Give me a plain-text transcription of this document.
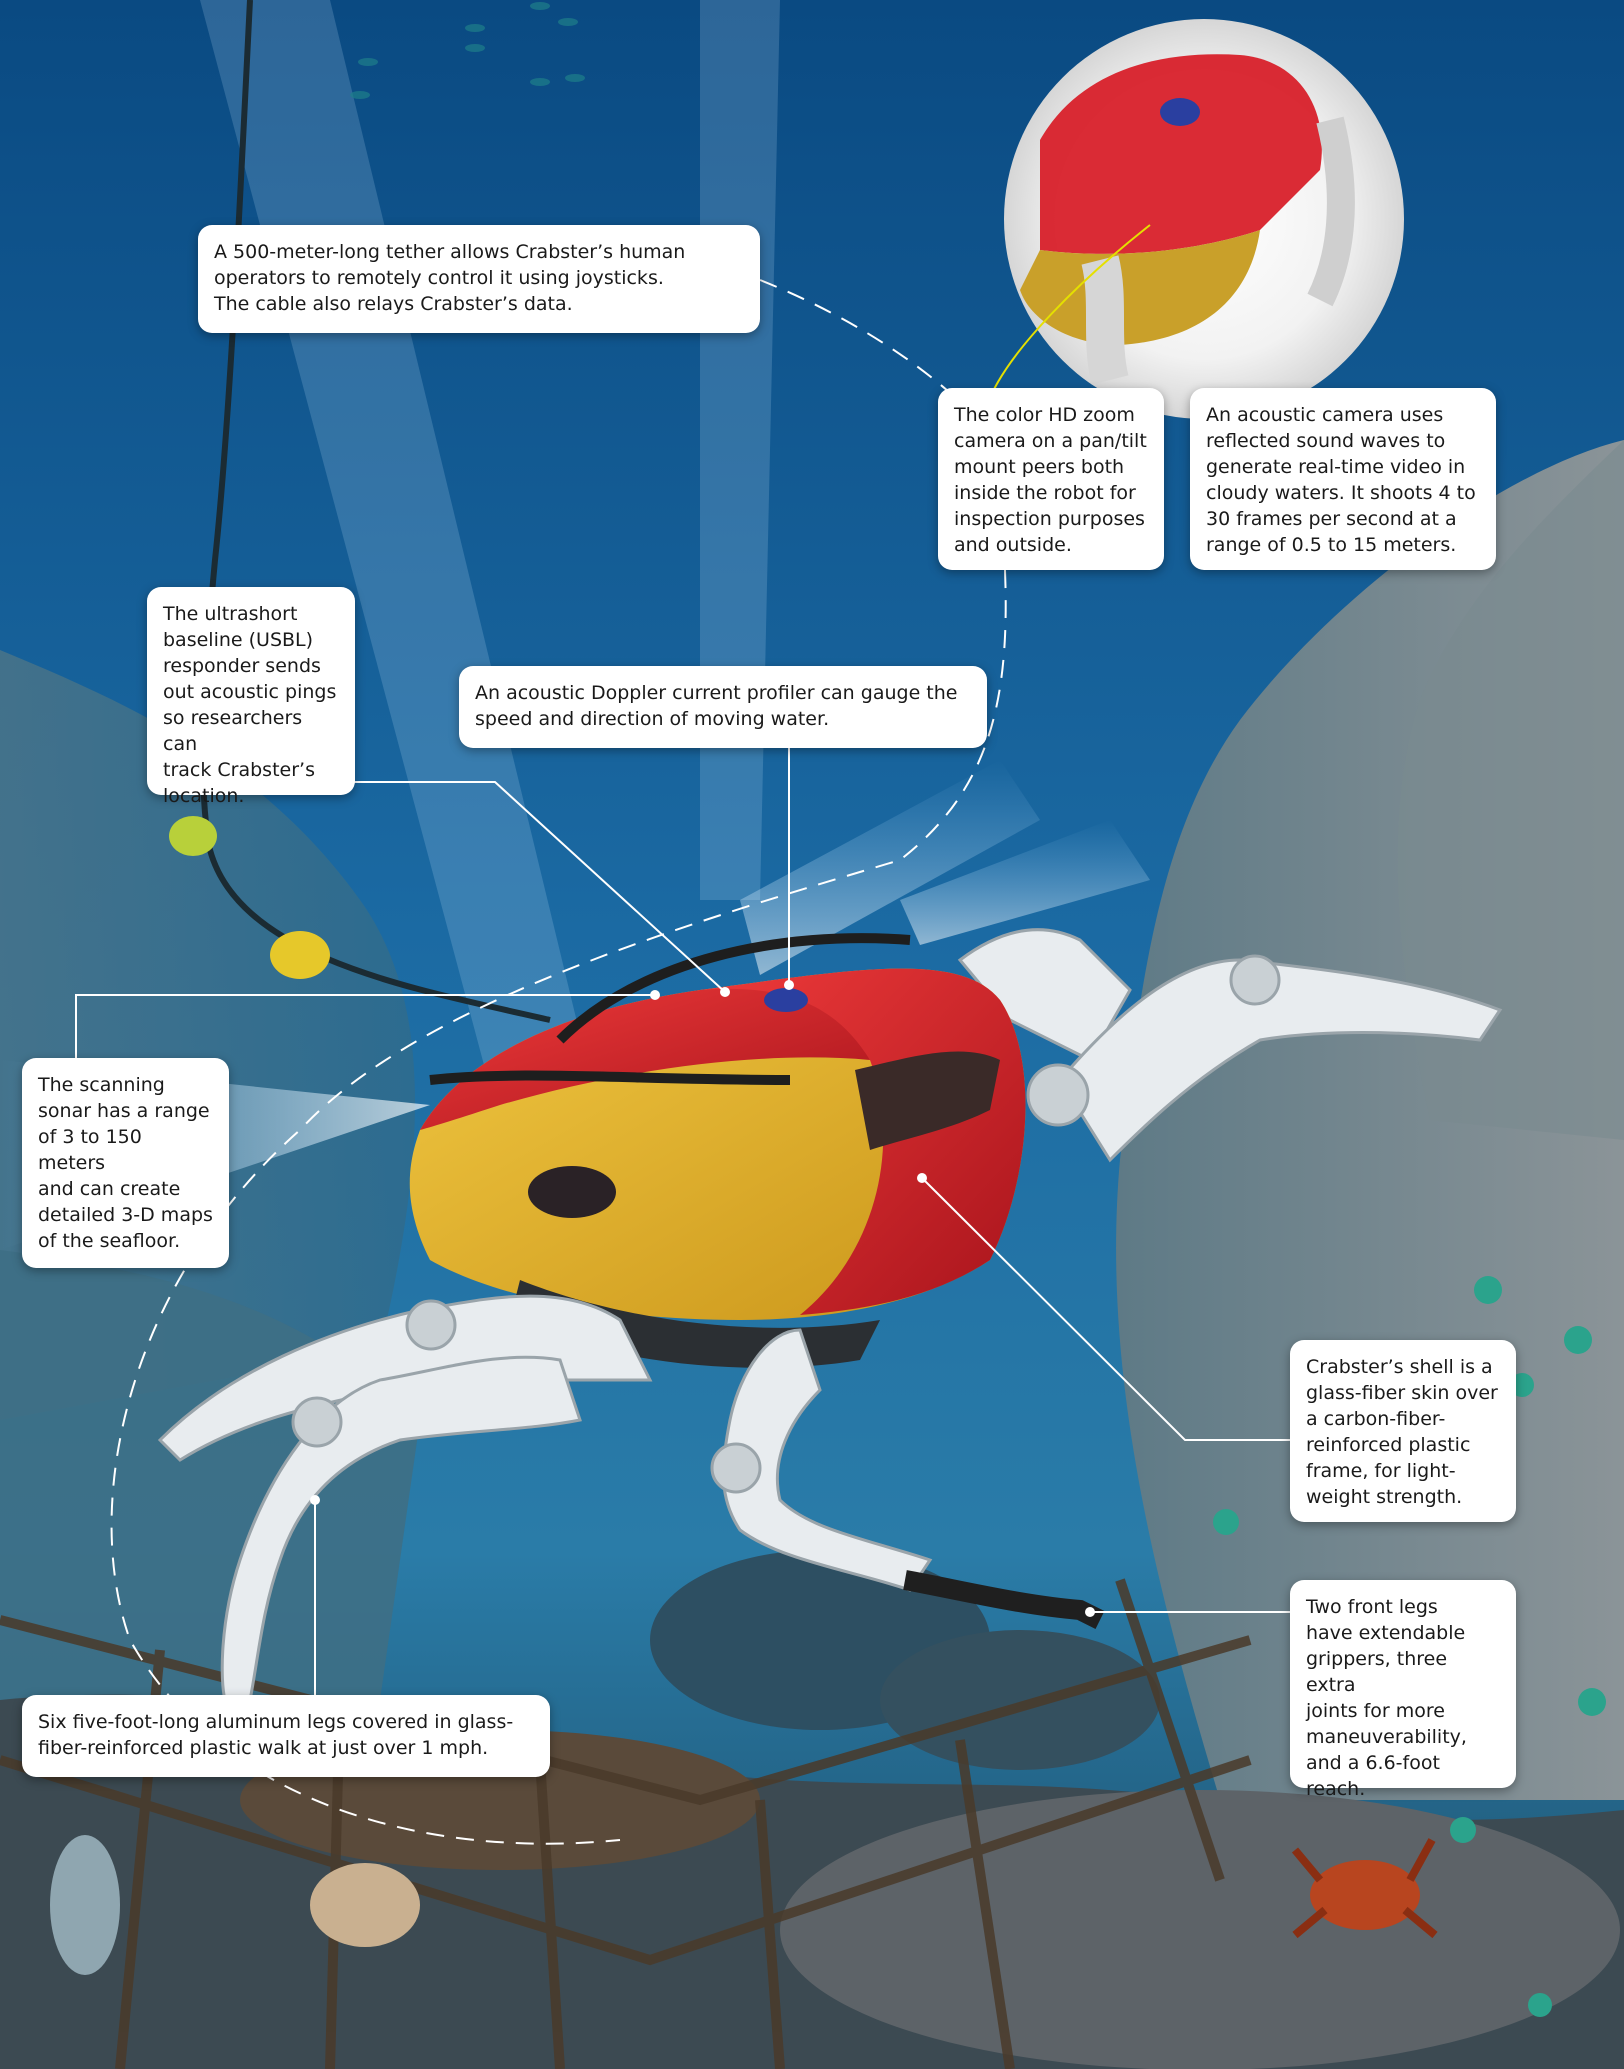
A 500-meter-long tether allows Crabster’s human
operators to remotely control it using joysticks.
The cable also relays Crabster’s data.
The color HD zoom
camera on a pan/tilt
mount peers both
inside the robot for
inspection purposes
and outside.
An acoustic camera uses
reflected sound waves to
generate real-time video in
cloudy waters. It shoots 4 to
30 frames per second at a
range of 0.5 to 15 meters.
The ultrashort
baseline (USBL)
responder sends
out acoustic pings
so researchers can
track Crabster’s
location.
An acoustic Doppler current profiler can gauge the
speed and direction of moving water.
The scanning
sonar has a range
of 3 to 150 meters
and can create
detailed 3-D maps
of the seafloor.
Crabster’s shell is a
glass-fiber skin over
a carbon-fiber-
reinforced plastic
frame, for light-
weight strength.
Two front legs
have extendable
grippers, three extra
joints for more
maneuverability,
and a 6.6-foot
reach.
Six five-foot-long aluminum legs covered in glass-
fiber-reinforced plastic walk at just over 1 mph.
